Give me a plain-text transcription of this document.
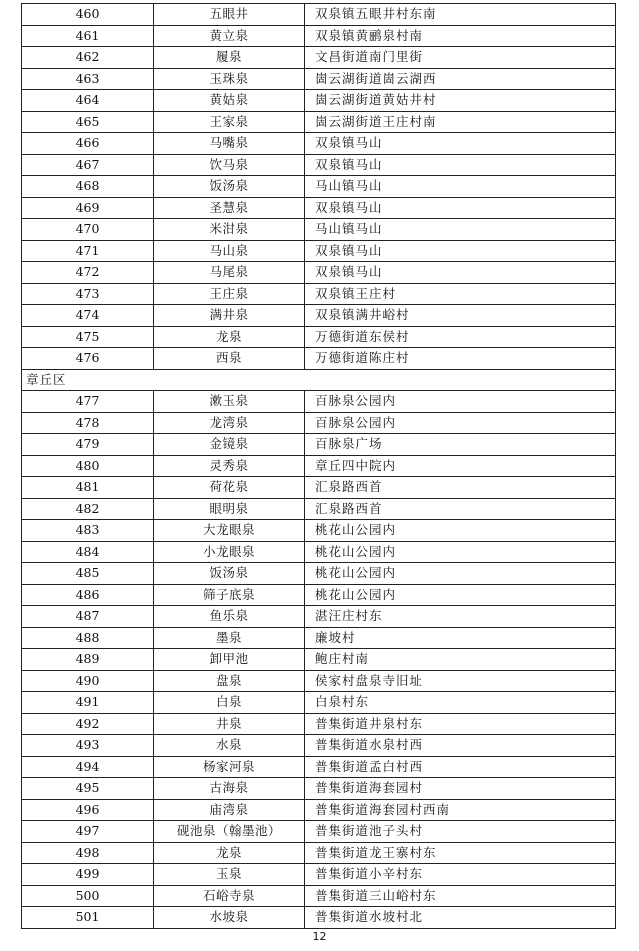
460	五眼井	双泉镇五眼井村东南
461	黄立泉	双泉镇黄鹂泉村南
462	履泉	文昌街道南门里街
463	玉珠泉	崮云湖街道崮云湖西
464	黄姑泉	崮云湖街道黄姑井村
465	王家泉	崮云湖街道王庄村南
466	马嘴泉	双泉镇马山
467	饮马泉	双泉镇马山
468	饭汤泉	马山镇马山
469	圣慧泉	双泉镇马山
470	米泔泉	马山镇马山
471	马山泉	双泉镇马山
472	马尾泉	双泉镇马山
473	王庄泉	双泉镇王庄村
474	满井泉	双泉镇满井峪村
475	龙泉	万德街道东侯村
476	西泉	万德街道陈庄村
章丘区		
477	漱玉泉	百脉泉公园内
478	龙湾泉	百脉泉公园内
479	金镜泉	百脉泉广场
480	灵秀泉	章丘四中院内
481	荷花泉	汇泉路西首
482	眼明泉	汇泉路西首
483	大龙眼泉	桃花山公园内
484	小龙眼泉	桃花山公园内
485	饭汤泉	桃花山公园内
486	筛子底泉	桃花山公园内
487	鱼乐泉	湛汪庄村东
488	墨泉	廉坡村
489	卸甲池	鲍庄村南
490	盘泉	侯家村盘泉寺旧址
491	白泉	白泉村东
492	井泉	普集街道井泉村东
493	水泉	普集街道水泉村西
494	杨家河泉	普集街道孟白村西
495	古海泉	普集街道海套园村
496	庙湾泉	普集街道海套园村西南
497	砚池泉（翰墨池）	普集街道池子头村
498	龙泉	普集街道龙王寨村东
499	玉泉	普集街道小辛村东
500	石峪寺泉	普集街道三山峪村东
501	水坡泉	普集街道水坡村北
12
